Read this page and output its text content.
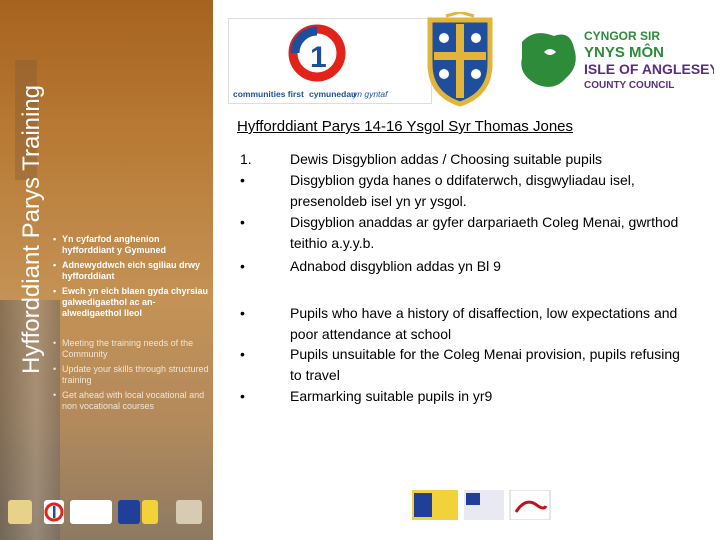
Hyfforddiant Parys Training
•	Yn cyfarfod anghenion hyfforddiant y Gymuned
• Adnewyddwch eich sgiliau drwy hyfforddiant
• Ewch yn eich blaen gyda chyrsiau galwedigaethol ac an-alwedigaethol lleol
• Meeting the training needs of the Community
• Update your skills through structured training
• Get ahead with local vocational and non vocational courses
1
communities first cymunedau
yn gyntaf
CYNGOR SIR
YNYS MÔN
ISLE OF ANGLESEY
COUNTY COUNCIL
Hyfforddiant Parys 14-16 Ysgol Syr Thomas Jones
1.	Dewis Disgyblion addas / Choosing suitable pupils
•	Disgyblion gyda hanes o ddifaterwch, disgwyliadau isel, presenoldeb isel yn yr ysgol.
•	Disgyblion anaddas ar gyfer darpariaeth Coleg Menai, gwrthod teithio a.y.y.b.
•	Adnabod disgyblion addas yn Bl 9
•	Pupils who have a history of disaffection, low expectations and poor attendance at school
•	Pupils unsuitable for the Coleg Menai provision, pupils refusing to travel
•	Earmarking suitable pupils in yr9
